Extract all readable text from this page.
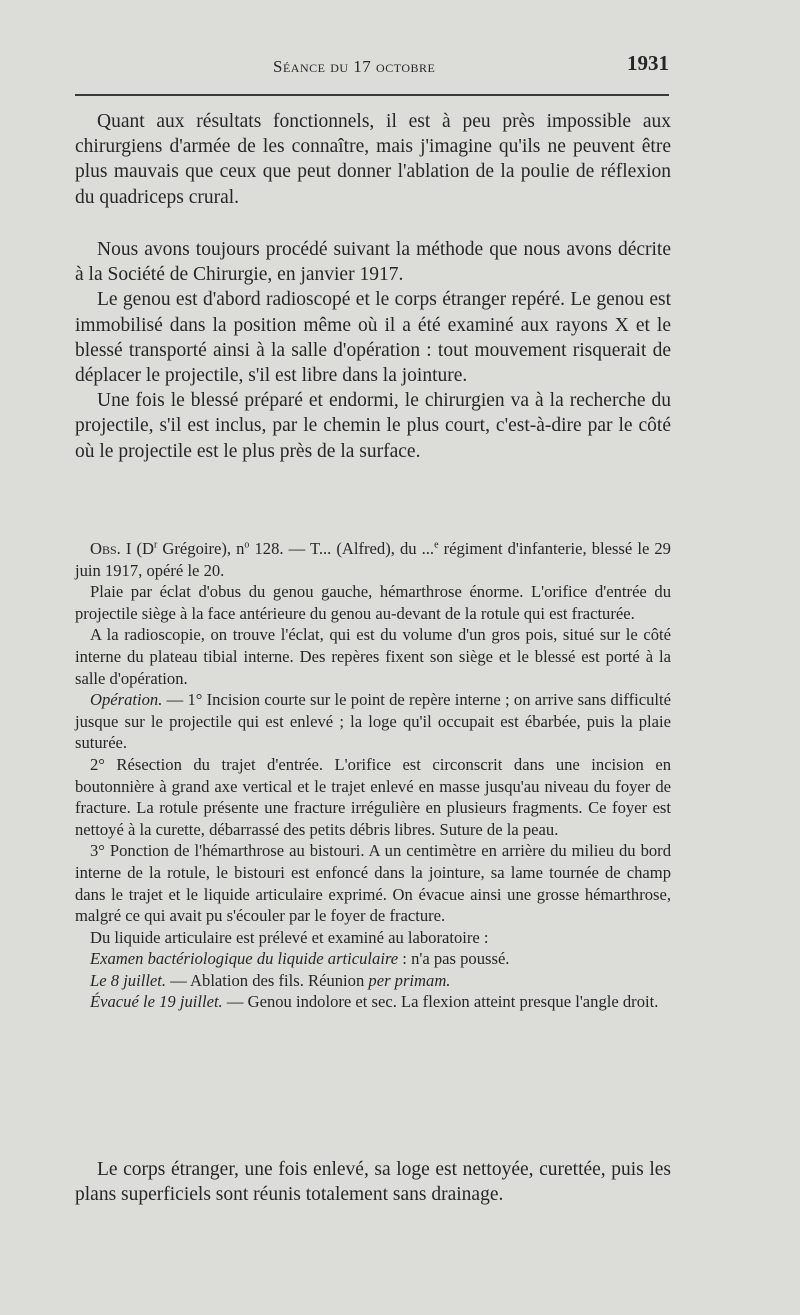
Séance du 17 octobre	1931

Quant aux résultats fonctionnels, il est à peu près impossible aux chirurgiens d'armée de les connaître, mais j'imagine qu'ils ne peuvent être plus mauvais que ceux que peut donner l'ablation de la poulie de réflexion du quadriceps crural.

Nous avons toujours procédé suivant la méthode que nous avons décrite à la Société de Chirurgie, en janvier 1917.

Le genou est d'abord radioscopé et le corps étranger repéré. Le genou est immobilisé dans la position même où il a été examiné aux rayons X et le blessé transporté ainsi à la salle d'opération : tout mouvement risquerait de déplacer le projectile, s'il est libre dans la jointure.

Une fois le blessé préparé et endormi, le chirurgien va à la recherche du projectile, s'il est inclus, par le chemin le plus court, c'est-à-dire par le côté où le projectile est le plus près de la surface.

Obs. I ($D^r$ Grégoire), $n^o$ 128. — T... (Alfred), du ...$^e$ régiment d'infanterie, blessé le 29 juin 1917, opéré le 20.

Plaie par éclat d'obus du genou gauche, hémarthrose énorme. L'orifice d'entrée du projectile siège à la face antérieure du genou au-devant de la rotule qui est fracturée.

A la radioscopie, on trouve l'éclat, qui est du volume d'un gros pois, situé sur le côté interne du plateau tibial interne. Des repères fixent son siège et le blessé est porté à la salle d'opération.

Opération. — 1° Incision courte sur le point de repère interne ; on arrive sans difficulté jusque sur le projectile qui est enlevé ; la loge qu'il occupait est ébarbée, puis la plaie suturée.

2° Résection du trajet d'entrée. L'orifice est circonscrit dans une incision en boutonnière à grand axe vertical et le trajet enlevé en masse jusqu'au niveau du foyer de fracture. La rotule présente une fracture irrégulière en plusieurs fragments. Ce foyer est nettoyé à la curette, débarrassé des petits débris libres. Suture de la peau.

3° Ponction de l'hémarthrose au bistouri. A un centimètre en arrière du milieu du bord interne de la rotule, le bistouri est enfoncé dans la jointure, sa lame tournée de champ dans le trajet et le liquide articulaire exprimé. On évacue ainsi une grosse hémarthrose, malgré ce qui avait pu s'écouler par le foyer de fracture.

Du liquide articulaire est prélevé et examiné au laboratoire :

Examen bactériologique du liquide articulaire : n'a pas poussé.

Le 8 juillet. — Ablation des fils. Réunion per primam.

Évacué le 19 juillet. — Genou indolore et sec. La flexion atteint presque l'angle droit.

Le corps étranger, une fois enlevé, sa loge est nettoyée, curettée, puis les plans superficiels sont réunis totalement sans drainage.
